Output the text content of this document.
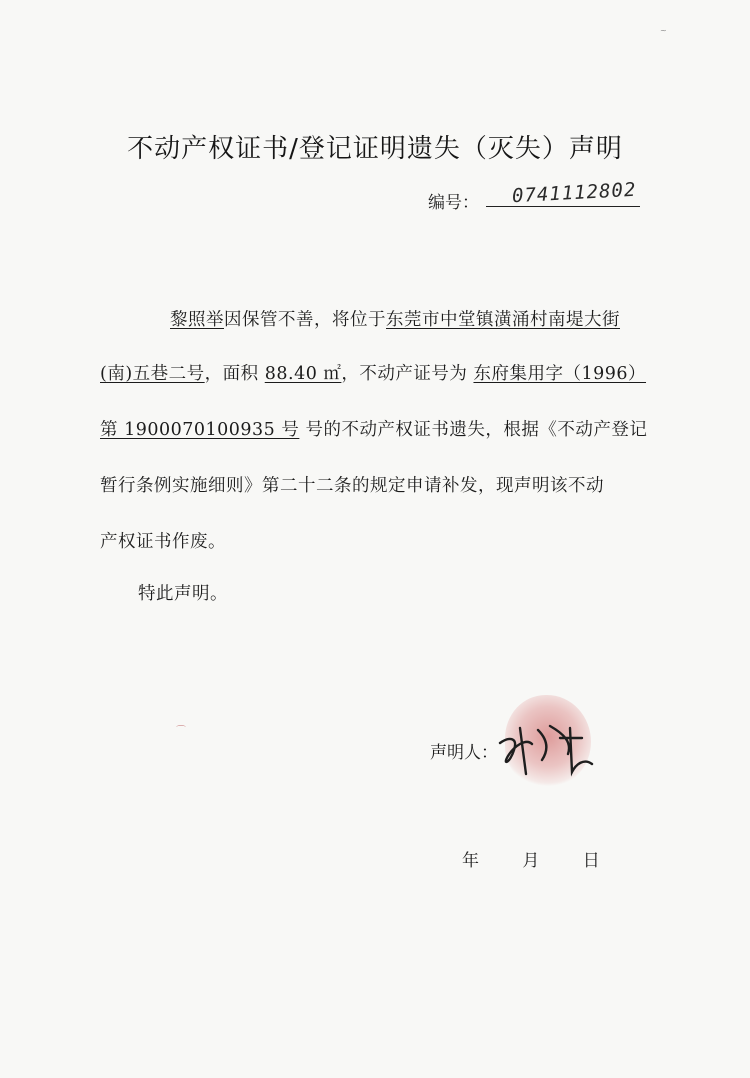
~
不动产权证书/登记证明遗失（灭失）声明
编号： 0741112802
黎照举因保管不善，将位于东莞市中堂镇潢涌村南堤大街
(南)五巷二号，面积 88.40 ㎡，不动产证号为 东府集用字（1996）
第 1900070100935 号 号的不动产权证书遗失，根据《不动产登记
暂行条例实施细则》第二十二条的规定申请补发，现声明该不动
产权证书作废。
特此声明。
⌒
声明人：
年 月 日
